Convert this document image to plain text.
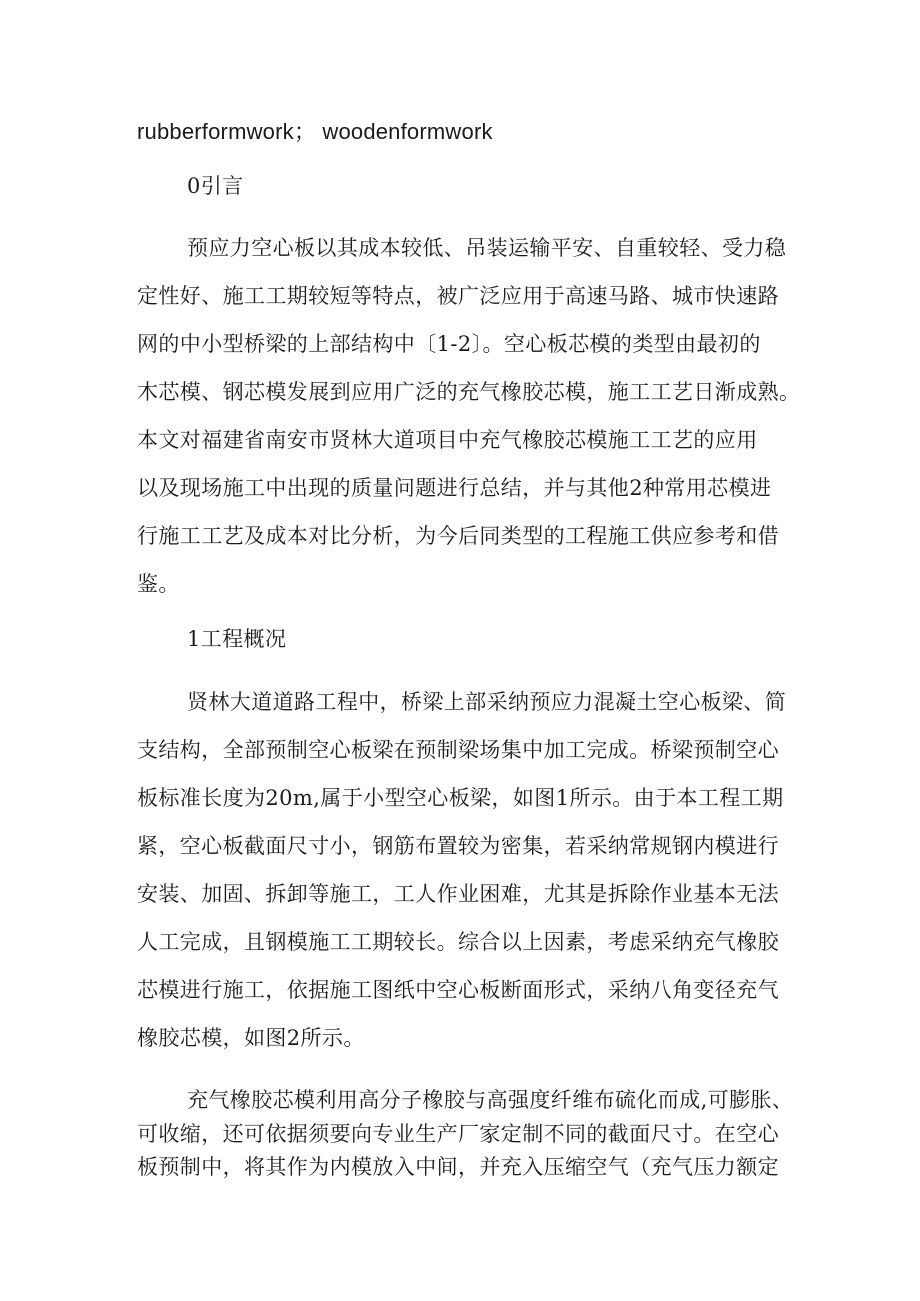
rubberformwork； woodenformwork
0引言
预应力空心板以其成本较低、吊装运输平安、自重较轻、受力稳
定性好、施工工期较短等特点，被广泛应用于高速马路、城市快速路
网的中小型桥梁的上部结构中〔1-2〕。空心板芯模的类型由最初的
木芯模、钢芯模发展到应用广泛的充气橡胶芯模，施工工艺日渐成熟。
本文对福建省南安市贤林大道项目中充气橡胶芯模施工工艺的应用
以及现场施工中出现的质量问题进行总结，并与其他2种常用芯模进
行施工工艺及成本对比分析，为今后同类型的工程施工供应参考和借
鉴。
1工程概况
贤林大道道路工程中，桥梁上部采纳预应力混凝土空心板梁、简
支结构，全部预制空心板梁在预制梁场集中加工完成。桥梁预制空心
板标准长度为20m,属于小型空心板梁，如图1所示。由于本工程工期
紧，空心板截面尺寸小，钢筋布置较为密集，若采纳常规钢内模进行
安装、加固、拆卸等施工，工人作业困难，尤其是拆除作业基本无法
人工完成，且钢模施工工期较长。综合以上因素，考虑采纳充气橡胶
芯模进行施工，依据施工图纸中空心板断面形式，采纳八角变径充气
橡胶芯模，如图2所示。
充气橡胶芯模利用高分子橡胶与高强度纤维布硫化而成,可膨胀、
可收缩，还可依据须要向专业生产厂家定制不同的截面尺寸。在空心
板预制中，将其作为内模放入中间，并充入压缩空气（充气压力额定
